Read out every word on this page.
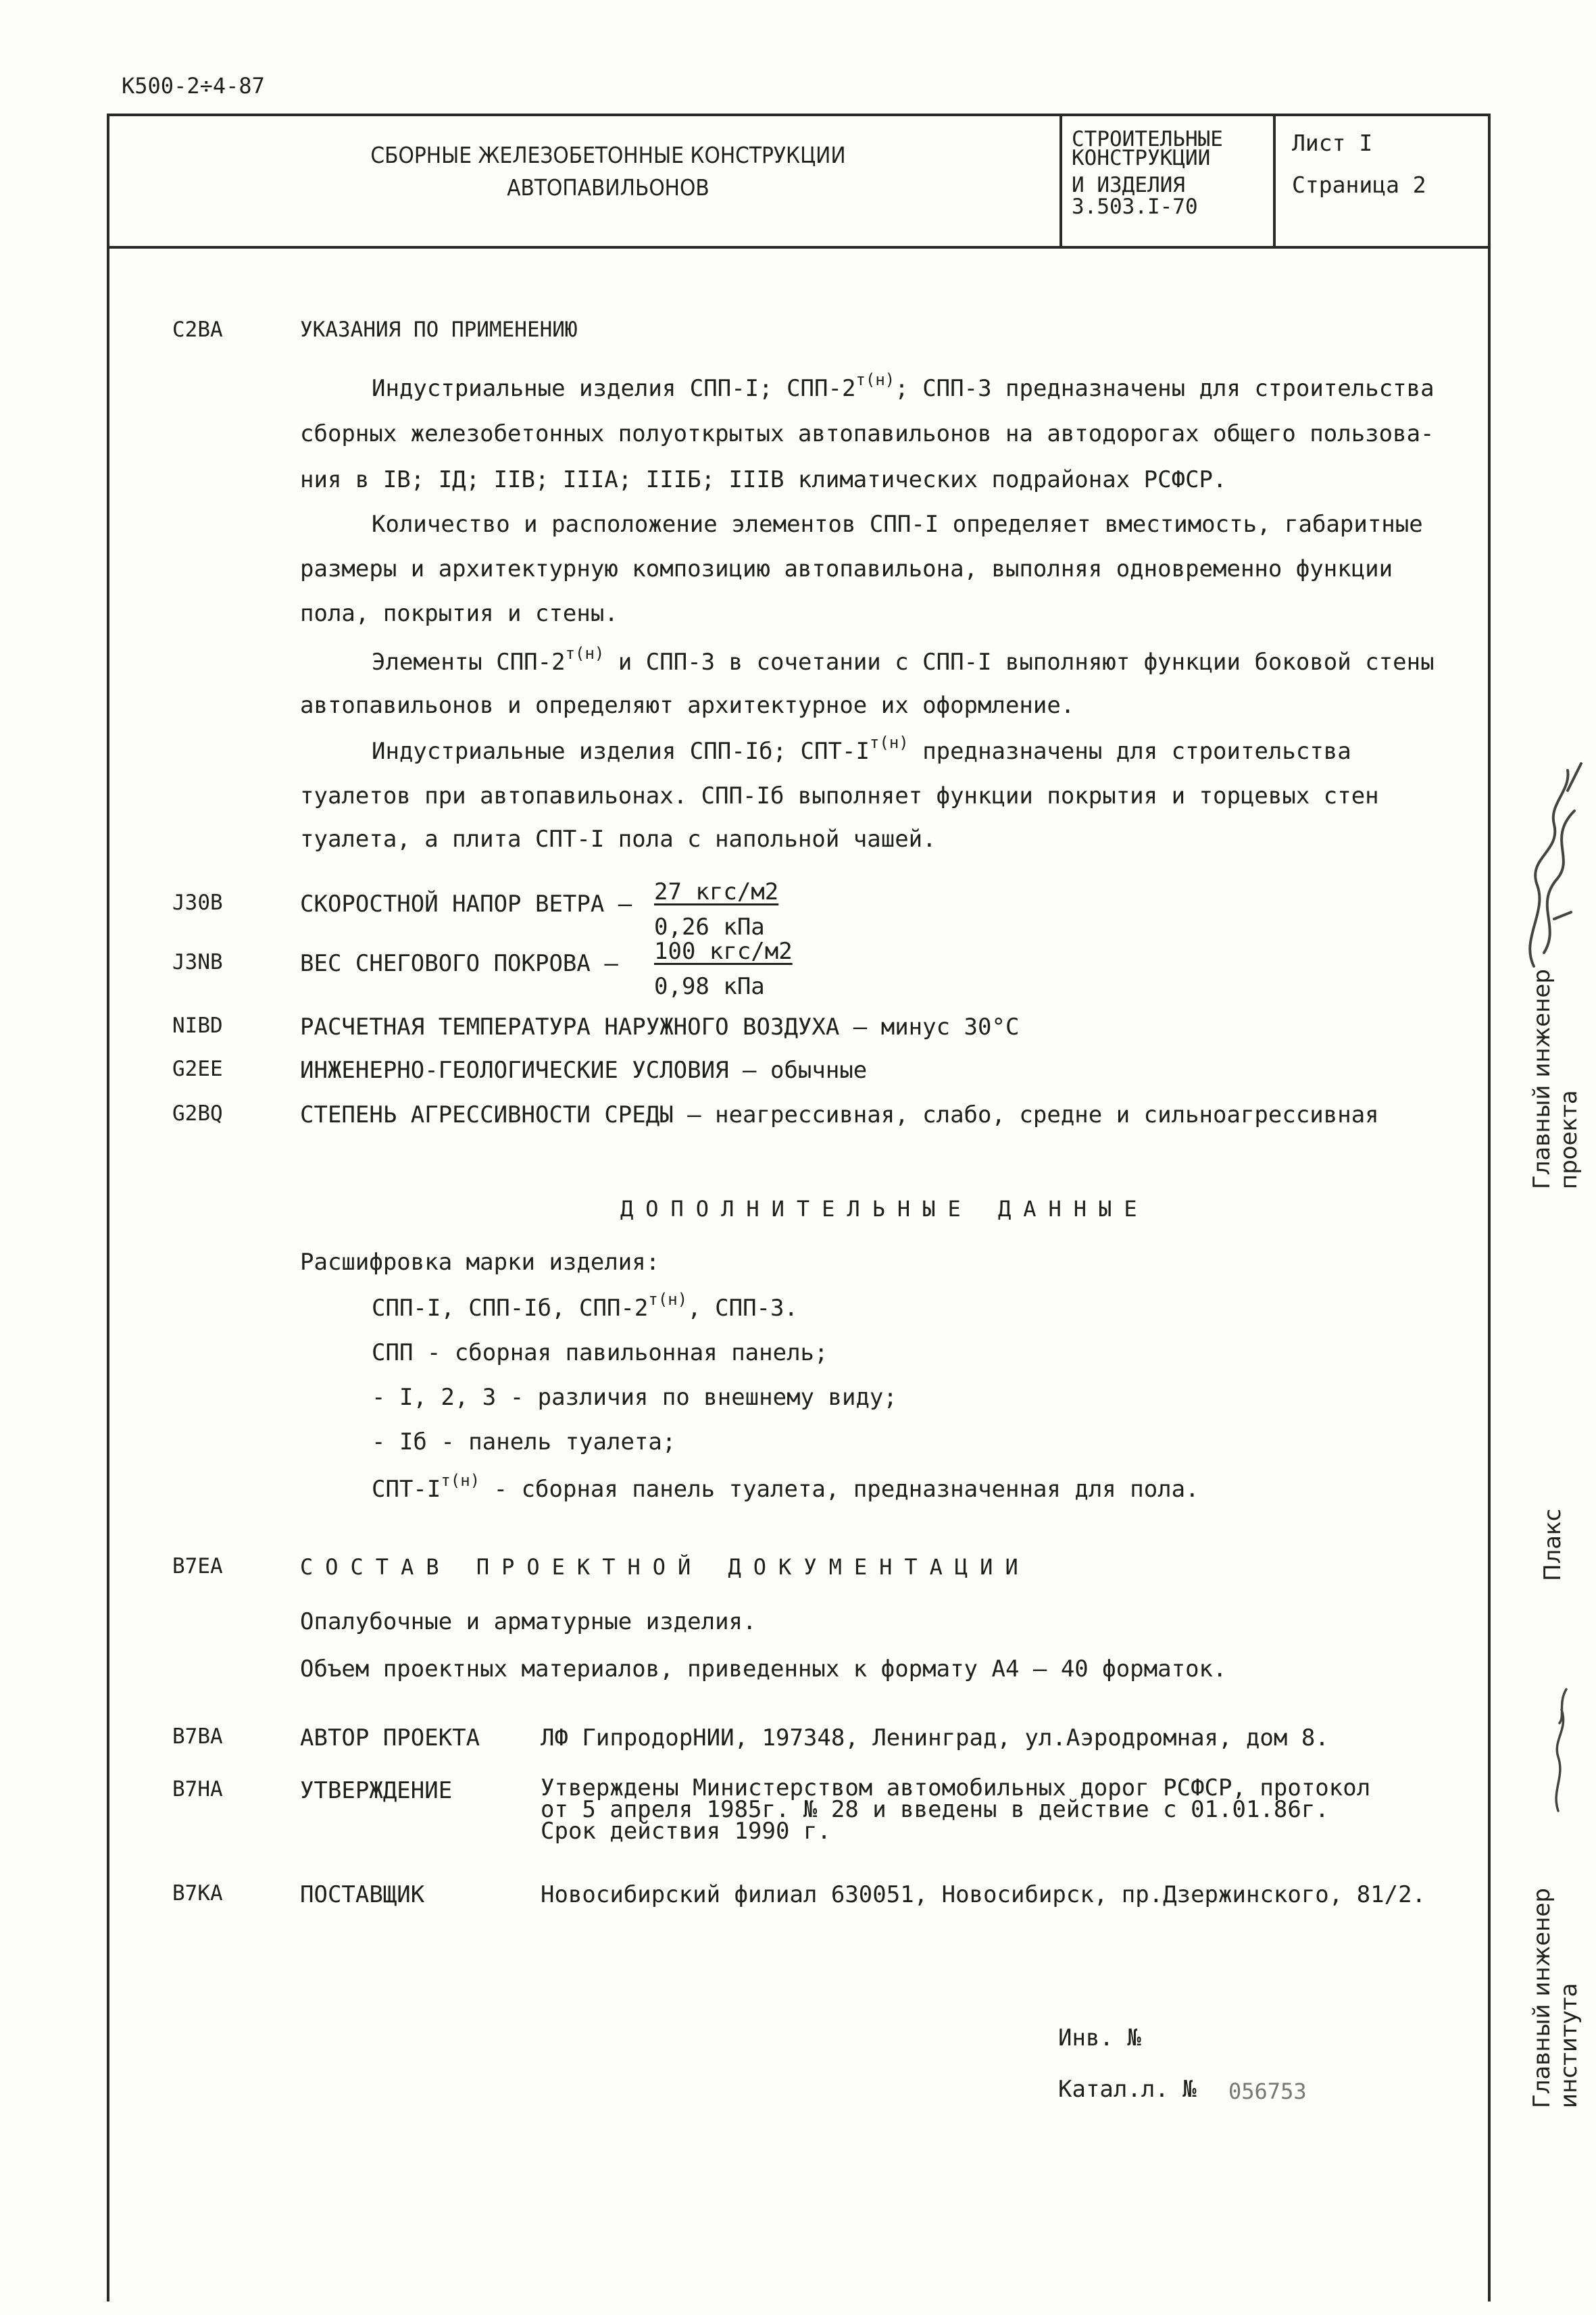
К500-2÷4-87
СБОРНЫЕ ЖЕЛЕЗОБЕТОННЫЕ КОНСТРУКЦИИ
АВТОПАВИЛЬОНОВ
СТРОИТЕЛЬНЫЕ
КОНСТРУКЦИИ
И ИЗДЕЛИЯ
3.503.I-70
Лист I
Страница 2
C2BA	УКАЗАНИЯ ПО ПРИМЕНЕНИЮ
Индустриальные изделия СПП-I; СПП-$2^{т(н)}$; СПП-3 предназначены для строительства
сборных железобетонных полуоткрытых автопавильонов на автодорогах общего пользова-
ния в IВ; IД; IIВ; IIIА; IIIБ; IIIВ климатических подрайонах РСФСР.
Количество и расположение элементов СПП-I определяет вместимость, габаритные
размеры и архитектурную композицию автопавильона, выполняя одновременно функции
пола, покрытия и стены.
Элементы СПП-$2^{т(н)}$ и СПП-3 в сочетании с СПП-I выполняют функции боковой стены
автопавильонов и определяют архитектурное их оформление.
Индустриальные изделия СПП-Iб; СПТ-$I^{т(н)}$ предназначены для строительства
туалетов при автопавильонах. СПП-Iб выполняет функции покрытия и торцевых стен
туалета, а плита СПТ-I пола с напольной чашей.
J30B	СКОРОСТНОЙ НАПОР ВЕТРА – 27 кгс/м2
0,26 кПа
J3NB	ВЕС СНЕГОВОГО ПОКРОВА – 100 кгс/м2
0,98 кПа
NIBD	РАСЧЕТНАЯ ТЕМПЕРАТУРА НАРУЖНОГО ВОЗДУХА – минус 30°С
G2EE	ИНЖЕНЕРНО-ГЕОЛОГИЧЕСКИЕ УСЛОВИЯ – обычные
G2BQ	СТЕПЕНЬ АГРЕССИВНОСТИ СРЕДЫ – неагрессивная, слабо, средне и сильноагрессивная
ДОПОЛНИТЕЛЬНЫЕ ДАННЫЕ
Расшифровка марки изделия:
СПП-I, СПП-Iб, СПП-$2^{т(н)}$, СПП-3.
СПП - сборная павильонная панель;
- I, 2, 3 - различия по внешнему виду;
- Iб - панель туалета;
СПТ-$I^{т(н)}$ - сборная панель туалета, предназначенная для пола.
B7EA	СОСТАВ ПРОЕКТНОЙ ДОКУМЕНТАЦИИ
Опалубочные и арматурные изделия.
Объем проектных материалов, приведенных к формату А4 – 40 форматок.
B7BA	АВТОР ПРОЕКТА	ЛФ ГипродорНИИ, 197348, Ленинград, ул.Аэродромная, дом 8.
B7HA	УТВЕРЖДЕНИЕ	Утверждены Министерством автомобильных дорог РСФСР, протокол
от 5 апреля 1985г. № 28 и введены в действие с 01.01.86г.
Срок действия 1990 г.
B7KA	ПОСТАВЩИК	Новосибирский филиал 630051, Новосибирск, пр.Дзержинского, 81/2.
Инв. №
Катал.л. № 056753
Главный инженер проекта
Плакс
Главный инженер института
